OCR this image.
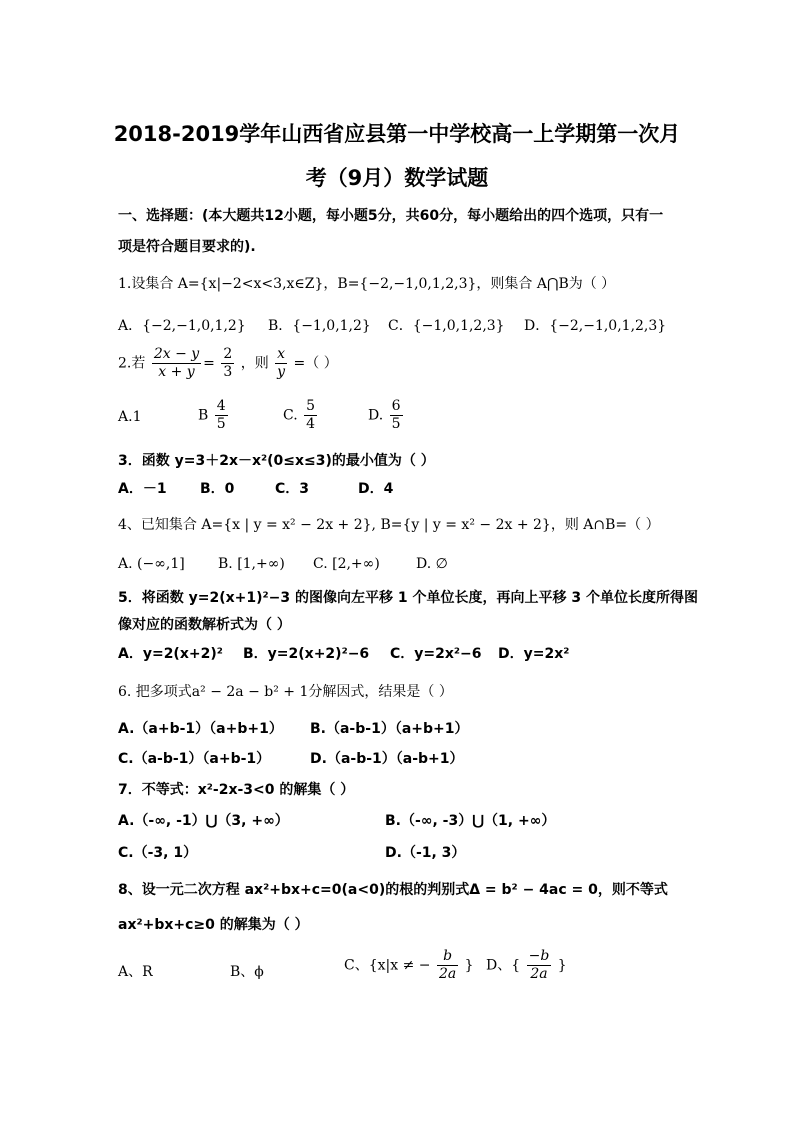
2018-2019学年山西省应县第一中学校高一上学期第一次月
考（9月）数学试题
一、选择题：(本大题共12小题，每小题5分，共60分，每小题给出的四个选项，只有一
项是符合题目要求的).
1.设集合 A={x|−2<x<3,x∈Z}，B={−2,−1,0,1,2,3}，则集合 A⋂B为（ ）
A．{−2,−1,0,1,2} B．{−1,0,1,2} C．{−1,0,1,2,3} D．{−2,−1,0,1,2,3}
2.若 $\frac{2x - y}{x + y} = \frac{2}{3}$ ，则 $\frac{x}{y}$ =（ ）
A.1	B $\frac{4}{5}$	C. $\frac{5}{4}$	D. $\frac{6}{5}$
3．函数 y=3＋2x－x²(0≤x≤3)的最小值为（ ）
A．－1 B．0	C．3	D．4
4、已知集合 A={x | y = x² − 2x + 2}, B={y | y = x² − 2x + 2}，则 A∩B=（ ）
A. (−∞,1] B. [1,+∞) C. [2,+∞)	D. ∅
5．将函数 y=2(x+1)²−3 的图像向左平移 1 个单位长度，再向上平移 3 个单位长度所得图
像对应的函数解析式为（ ）
A．y=2(x+2)² B．y=2(x+2)²−6 C．y=2x²−6 D．y=2x²
6. 把多项式a² − 2a − b² + 1分解因式，结果是（ ）
A.（a+b-1）（a+b+1） B.（a-b-1）（a+b+1）
C.（a-b-1）（a+b-1）	D.（a-b-1）（a-b+1）
7．不等式：x²-2x-3<0 的解集（ ）
A.（-∞, -1）⋃（3, +∞）	B.（-∞, -3）⋃（1, +∞）
C.（-3, 1）	D.（-1, 3）
8、设一元二次方程 ax²+bx+c=0(a<0)的根的判别式Δ = b² − 4ac = 0，则不等式
ax²+bx+c≥0 的解集为（ ）
A、R	B、ϕ	C、{x|x ≠ − $\frac{b}{2a}$ } D、{ $\frac{-b}{2a}$ }
